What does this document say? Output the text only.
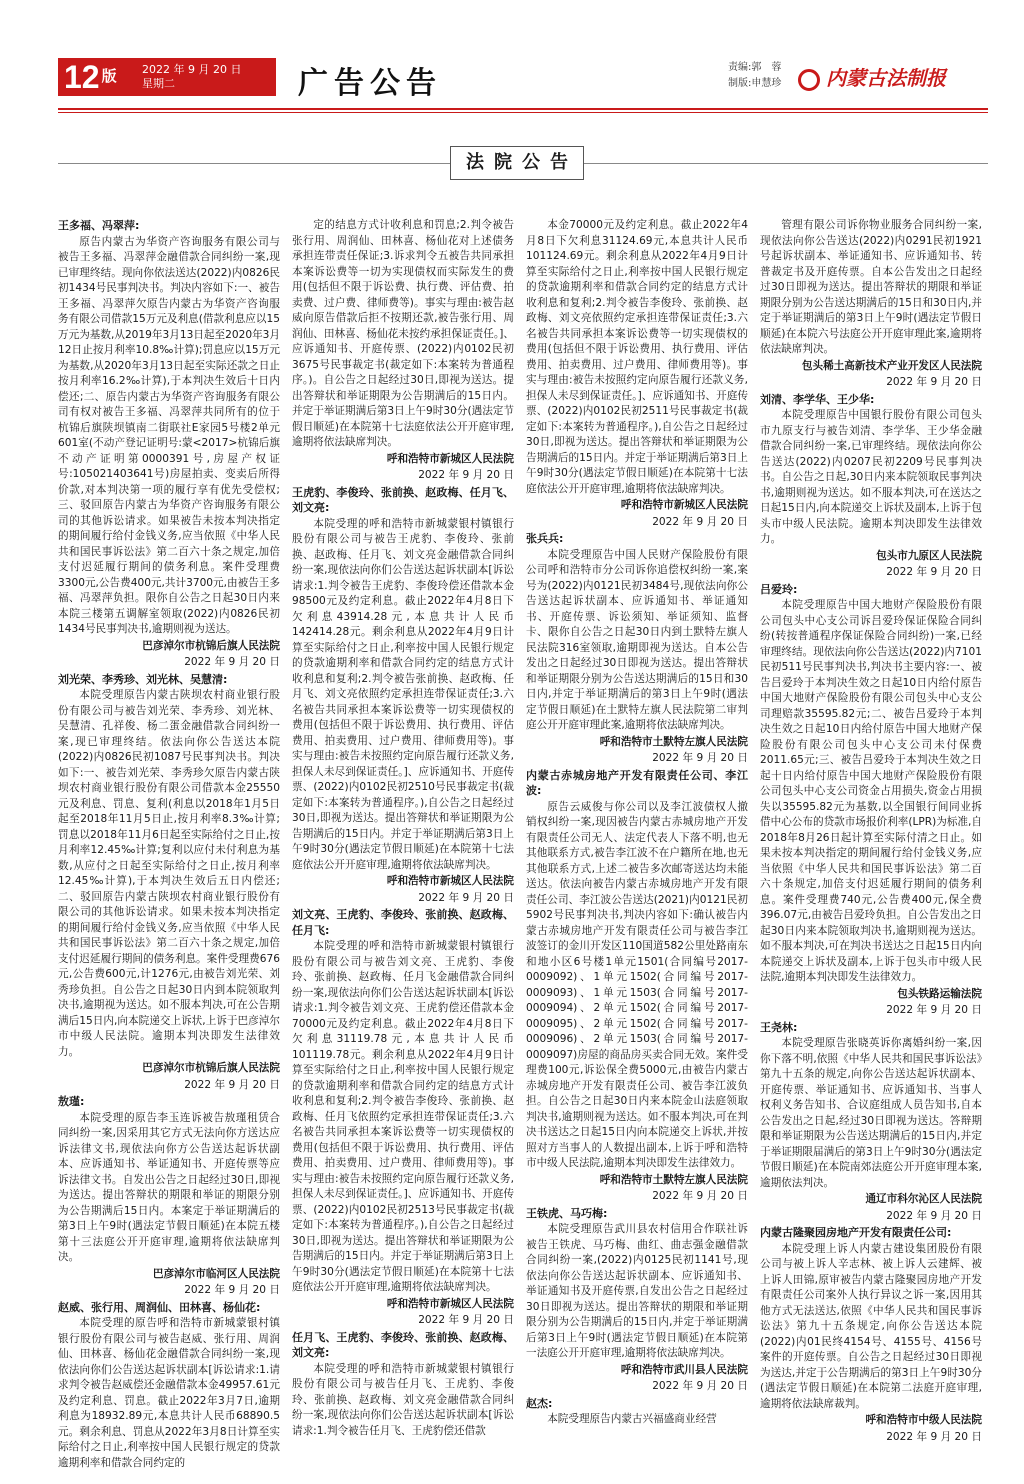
12 $^版$	2022 年 9 月 20 日
星期二	广告公告	责编:郭　蓉
制版:申慧珍	内蒙古法制报
法院公告

王多福、冯翠萍:

原告内蒙古为华资产咨询服务有限公司与被告王多福、冯翠萍金融借款合同纠纷一案,现已审理终结。现向你依法送达(2022)内0826民初1434号民事判决书。判决内容如下:一、被告王多福、冯翠萍欠原告内蒙古为华资产咨询服务有限公司借款15万元及利息(借款利息应以15万元为基数,从2019年3月13日起至2020年3月12日止按月利率10.8‰计算);罚息应以15万元为基数,从2020年3月13日起至实际还款之日止按月利率16.2‰计算),于本判决生效后十日内偿还;二、原告内蒙古为华资产咨询服务有限公司有权对被告王多福、冯翠萍共同所有的位于杭锦后旗陕坝镇南二街联社E家园5号楼2单元601室(不动产登记证明号:蒙<2017>杭锦后旗不动产证明第0000391号,房屋产权证号:105021403641号)房屋拍卖、变卖后所得价款,对本判决第一项的履行享有优先受偿权;三、驳回原告内蒙古为华资产咨询服务有限公司的其他诉讼请求。如果被告未按本判决指定的期间履行给付金钱义务,应当依照《中华人民共和国民事诉讼法》第二百六十条之规定,加倍支付迟延履行期间的债务利息。案件受理费3300元,公告费400元,共计3700元,由被告王多福、冯翠萍负担。限你自公告之日起30日内来本院三楼第五调解室领取(2022)内0826民初1434号民事判决书,逾期则视为送达。

巴彦淖尔市杭锦后旗人民法院

2022 年 9 月 20 日

刘光荣、李秀珍、刘光林、吴慧清:

本院受理原告内蒙古陕坝农村商业银行股份有限公司与被告刘光荣、李秀珍、刘光林、吴慧清、孔祥俊、杨二蛋金融借款合同纠纷一案,现已审理终结。依法向你公告送达本院(2022)内0826民初1087号民事判决书。判决如下:一、被告刘光荣、李秀珍欠原告内蒙古陕坝农村商业银行股份有限公司借款本金25550元及利息、罚息、复利(利息以2018年1月5日起至2018年11月5日止,按月利率8.3‰计算;罚息以2018年11月6日起至实际给付之日止,按月利率12.45‰计算;复利以应付未付利息为基数,从应付之日起至实际给付之日止,按月利率12.45‰计算),于本判决生效后五日内偿还;二、驳回原告内蒙古陕坝农村商业银行股份有限公司的其他诉讼请求。如果未按本判决指定的期间履行给付金钱义务,应当依照《中华人民共和国民事诉讼法》第二百六十条之规定,加倍支付迟延履行期间的债务利息。案件受理费676元,公告费600元,计1276元,由被告刘光荣、刘秀珍负担。自公告之日起30日内到本院领取判决书,逾期视为送达。如不服本判决,可在公告期满后15日内,向本院递交上诉状,上诉于巴彦淖尔市中级人民法院。逾期本判决即发生法律效力。

巴彦淖尔市杭锦后旗人民法院

2022 年 9 月 20 日

敖瑾:

本院受理的原告李玉连诉被告敖瑾租赁合同纠纷一案,因采用其它方式无法向你方送达应诉法律文书,现依法向你方公告送达起诉状副本、应诉通知书、举证通知书、开庭传票等应诉法律文书。自发出公告之日起经过30日,即视为送达。提出答辩状的期限和举证的期限分别为公告期满后15日内。本案定于举证期满后的第3日上午9时(遇法定节假日顺延)在本院五楼第十三法庭公开开庭审理,逾期将依法缺席判决。

巴彦淖尔市临河区人民法院

2022 年 9 月 20 日

赵威、张行用、周润仙、田林喜、杨仙花:

本院受理的原告呼和浩特市新城蒙银村镇银行股份有限公司与被告赵威、张行用、周润仙、田林喜、杨仙花金融借款合同纠纷一案,现依法向你们公告送达起诉状副本[诉讼请求:1.请求判令被告赵威偿还金融借款本金49957.61元及约定利息、罚息。截止2022年3月7日,逾期利息为18932.89元,本息共计人民币68890.5元。剩余利息、罚息从2022年3月8日计算至实际给付之日止,利率按中国人民银行规定的贷款逾期利率和借款合同约定的

定的结息方式计收利息和罚息;2.判令被告张行用、周润仙、田林喜、杨仙花对上述债务承担连带责任保证;3.诉求判令五被告共同承担本案诉讼费等一切为实现债权而实际发生的费用(包括但不限于诉讼费、执行费、评估费、拍卖费、过户费、律师费等)。事实与理由:被告赵威向原告借款后拒不按期还款,被告张行用、周润仙、田林喜、杨仙花未按约承担保证责任。]、应诉通知书、开庭传票、(2022)内0102民初3675号民事裁定书(裁定如下:本案转为普通程序。)。自公告之日起经过30日,即视为送达。提出答辩状和举证期限为公告期满后的15日内。并定于举证期满后第3日上午9时30分(遇法定节假日顺延)在本院第十七法庭依法公开开庭审理,逾期将依法缺席判决。

呼和浩特市新城区人民法院

2022 年 9 月 20 日

王虎豹、李俊玲、张前换、赵政梅、任月飞、刘文亮:

本院受理的呼和浩特市新城蒙银村镇银行股份有限公司与被告王虎豹、李俊玲、张前换、赵政梅、任月飞、刘文亮金融借款合同纠纷一案,现依法向你们公告送达起诉状副本[诉讼请求:1.判令被告王虎豹、李俊玲偿还借款本金98500元及约定利息。截止2022年4月8日下欠利息43914.28元,本息共计人民币142414.28元。剩余利息从2022年4月9日计算至实际给付之日止,利率按中国人民银行规定的贷款逾期利率和借款合同约定的结息方式计收利息和复利;2.判令被告张前换、赵政梅、任月飞、刘文亮依照约定承担连带保证责任;3.六名被告共同承担本案诉讼费等一切实现债权的费用(包括但不限于诉讼费用、执行费用、评估费用、拍卖费用、过户费用、律师费用等)。事实与理由:被告未按照约定向原告履行还款义务,担保人未尽到保证责任。]、应诉通知书、开庭传票、(2022)内0102民初2510号民事裁定书(裁定如下:本案转为普通程序。),自公告之日起经过30日,即视为送达。提出答辩状和举证期限为公告期满后的15日内。并定于举证期满后第3日上午9时30分(遇法定节假日顺延)在本院第十七法庭依法公开开庭审理,逾期将依法缺席判决。

呼和浩特市新城区人民法院

2022 年 9 月 20 日

刘文亮、王虎豹、李俊玲、张前换、赵政梅、任月飞:

本院受理的呼和浩特市新城蒙银村镇银行股份有限公司与被告刘文亮、王虎豹、李俊玲、张前换、赵政梅、任月飞金融借款合同纠纷一案,现依法向你们公告送达起诉状副本[诉讼请求:1.判令被告刘文亮、王虎豹偿还借款本金70000元及约定利息。截止2022年4月8日下欠利息31119.78元,本息共计人民币101119.78元。剩余利息从2022年4月9日计算至实际给付之日止,利率按中国人民银行规定的贷款逾期利率和借款合同约定的结息方式计收利息和复利;2.判令被告李俊玲、张前换、赵政梅、任月飞依照约定承担连带保证责任;3.六名被告共同承担本案诉讼费等一切实现债权的费用(包括但不限于诉讼费用、执行费用、评估费用、拍卖费用、过户费用、律师费用等)。事实与理由:被告未按照约定向原告履行还款义务,担保人未尽到保证责任。]、应诉通知书、开庭传票、(2022)内0102民初2513号民事裁定书(裁定如下:本案转为普通程序。),自公告之日起经过30日,即视为送达。提出答辩状和举证期限为公告期满后的15日内。并定于举证期满后第3日上午9时30分(遇法定节假日顺延)在本院第十七法庭依法公开开庭审理,逾期将依法缺席判决。

呼和浩特市新城区人民法院

2022 年 9 月 20 日

任月飞、王虎豹、李俊玲、张前换、赵政梅、刘文亮:

本院受理的呼和浩特市新城蒙银村镇银行股份有限公司与被告任月飞、王虎豹、李俊玲、张前换、赵政梅、刘文亮金融借款合同纠纷一案,现依法向你们公告送达起诉状副本[诉讼请求:1.判令被告任月飞、王虎豹偿还借款

本金70000元及约定利息。截止2022年4月8日下欠利息31124.69元,本息共计人民币101124.69元。剩余利息从2022年4月9日计算至实际给付之日止,利率按中国人民银行规定的贷款逾期利率和借款合同约定的结息方式计收利息和复利;2.判令被告李俊玲、张前换、赵政梅、刘文亮依照约定承担连带保证责任;3.六名被告共同承担本案诉讼费等一切实现债权的费用(包括但不限于诉讼费用、执行费用、评估费用、拍卖费用、过户费用、律师费用等)。事实与理由:被告未按照约定向原告履行还款义务,担保人未尽到保证责任。]、应诉通知书、开庭传票、(2022)内0102民初2511号民事裁定书(裁定如下:本案转为普通程序。),自公告之日起经过30日,即视为送达。提出答辩状和举证期限为公告期满后的15日内。并定于举证期满后第3日上午9时30分(遇法定节假日顺延)在本院第十七法庭依法公开开庭审理,逾期将依法缺席判决。

呼和浩特市新城区人民法院

2022 年 9 月 20 日

张兵兵:

本院受理原告中国人民财产保险股份有限公司呼和浩特市分公司诉你追偿权纠纷一案,案号为(2022)内0121民初3484号,现依法向你公告送达起诉状副本、应诉通知书、举证通知书、开庭传票、诉讼须知、举证须知、监督卡、限你自公告之日起30日内到土默特左旗人民法院316室领取,逾期即视为送达。自本公告发出之日起经过30日即视为送达。提出答辩状和举证期限分别为公告送达期满后的15日和30日内,并定于举证期满后的第3日上午9时(遇法定节假日顺延)在土默特左旗人民法院第二审判庭公开开庭审理此案,逾期将依法缺席判决。

呼和浩特市土默特左旗人民法院

2022 年 9 月 20 日

内蒙古赤城房地产开发有限责任公司、李江波:

原告云威俊与你公司以及李江波债权人撤销权纠纷一案,现因被告内蒙古赤城房地产开发有限责任公司无人、法定代表人下落不明,也无其他联系方式,被告李江波不在户籍所在地,也无其他联系方式,上述二被告多次邮寄送达均未能送达。依法向被告内蒙古赤城房地产开发有限责任公司、李江波公告送达(2021)内0121民初5902号民事判决书,判决内容如下:确认被告内蒙古赤城房地产开发有限责任公司与被告李江波签订的金川开发区110国道582公里处路南东和地小区6号楼1单元1501(合同编号2017-0009092)、1单元1502(合同编号2017-0009093)、1单元1503(合同编号2017-0009094)、2单元1502(合同编号2017-0009095)、2单元1502(合同编号2017-0009096)、2单元1503(合同编号2017-0009097)房屋的商品房买卖合同无效。案件受理费100元,诉讼保全费5000元,由被告内蒙古赤城房地产开发有限责任公司、被告李江波负担。自公告之日起30日内来本院金山法庭领取判决书,逾期则视为送达。如不服本判决,可在判决书送达之日起15日内向本院递交上诉状,并按照对方当事人的人数提出副本,上诉于呼和浩特市中级人民法院,逾期本判决即发生法律效力。

呼和浩特市土默特左旗人民法院

2022 年 9 月 20 日

王铁虎、马巧梅:

本院受理原告武川县农村信用合作联社诉被告王铁虎、马巧梅、曲红、曲志强金融借款合同纠纷一案,(2022)内0125民初1141号,现依法向你公告送达起诉状副本、应诉通知书、举证通知书及开庭传票,自发出公告之日起经过30日即视为送达。提出答辩状的期限和举证期限分别为公告期满后的15日内,并定于举证期满后第3日上午9时(遇法定节假日顺延)在本院第一法庭公开开庭审理,逾期将依法缺席判决。

呼和浩特市武川县人民法院

2022 年 9 月 20 日

赵杰:

本院受理原告内蒙古兴福盛商业经营

管理有限公司诉你物业服务合同纠纷一案,现依法向你公告送达(2022)内0291民初1921号起诉状副本、举证通知书、应诉通知书、转普裁定书及开庭传票。自本公告发出之日起经过30日即视为送达。提出答辩状的期限和举证期限分别为公告送达期满后的15日和30日内,并定于举证期满后的第3日上午9时(遇法定节假日顺延)在本院六号法庭公开开庭审理此案,逾期将依法缺席判决。

包头稀土高新技术产业开发区人民法院

2022 年 9 月 20 日

刘清、李学华、王少华:

本院受理原告中国银行股份有限公司包头市九原支行与被告刘清、李学华、王少华金融借款合同纠纷一案,已审理终结。现依法向你公告送达(2022)内0207民初2209号民事判决书。自公告之日起,30日内来本院领取民事判决书,逾期则视为送达。如不服本判决,可在送达之日起15日内,向本院递交上诉状及副本,上诉于包头市中级人民法院。逾期本判决即发生法律效力。

包头市九原区人民法院

2022 年 9 月 20 日

吕爱玲:

本院受理原告中国大地财产保险股份有限公司包头中心支公司诉吕爱玲保证保险合同纠纷(转按普通程序保证保险合同纠纷)一案,已经审理终结。现依法向你公告送达(2022)内7101民初511号民事判决书,判决书主要内容:一、被告吕爱玲于本判决生效之日起10日内给付原告中国大地财产保险股份有限公司包头中心支公司理赔款35595.82元;二、被告吕爱玲于本判决生效之日起10日内给付原告中国大地财产保险股份有限公司包头中心支公司未付保费2011.65元;三、被告吕爱玲于本判决生效之日起十日内给付原告中国大地财产保险股份有限公司包头中心支公司资金占用损失,资金占用损失以35595.82元为基数,以全国银行间同业拆借中心公布的贷款市场报价利率(LPR)为标准,自2018年8月26日起计算至实际付清之日止。如果未按本判决指定的期间履行给付金钱义务,应当依照《中华人民共和国民事诉讼法》第二百六十条规定,加倍支付迟延履行期间的债务利息。案件受理费740元,公告费400元,保全费396.07元,由被告吕爱玲负担。自公告发出之日起30日内来本院领取判决书,逾期则视为送达。如不服本判决,可在判决书送达之日起15日内向本院递交上诉状及副本,上诉于包头市中级人民法院,逾期本判决即发生法律效力。

包头铁路运输法院

2022 年 9 月 20 日

王尧林:

本院受理原告张晓英诉你离婚纠纷一案,因你下落不明,依照《中华人民共和国民事诉讼法》第九十五条的规定,向你公告送达起诉状副本、开庭传票、举证通知书、应诉通知书、当事人权利义务告知书、合议庭组成人员告知书,自本公告发出之日起,经过30日即视为送达。答辩期限和举证期限为公告送达期满后的15日内,并定于举证期限届满后的第3日上午9时30分(遇法定节假日顺延)在本院南郊法庭公开开庭审理本案,逾期依法判决。

通辽市科尔沁区人民法院

2022 年 9 月 20 日

内蒙古隆聚园房地产开发有限责任公司:

本院受理上诉人内蒙古建设集团股份有限公司与被上诉人辛志林、被上诉人云建辉、被上诉人田锦,原审被告内蒙古隆聚园房地产开发有限责任公司案外人执行异议之诉一案,因用其他方式无法送达,依照《中华人民共和国民事诉讼法》第九十五条规定,向你公告送达本院(2022)内01民终4154号、4155号、4156号案件的开庭传票。自公告之日起经过30日即视为送达,并定于公告期满后的第3日上午9时30分(遇法定节假日顺延)在本院第二法庭开庭审理,逾期将依法缺席裁判。

呼和浩特市中级人民法院

2022 年 9 月 20 日
